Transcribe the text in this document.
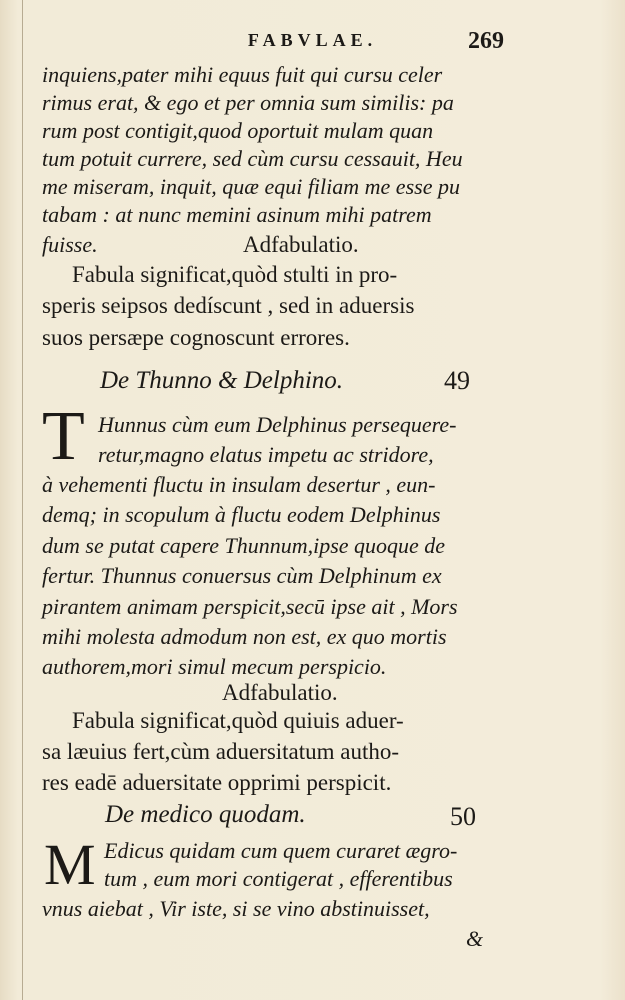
FABVLAE.	269
inquiens,pater mihi equus fuit qui cursu celer
rimus erat, & ego et per omnia sum similis: pa
rum post contigit,quod oportuit mulam quan
tum potuit currere, sed cùm cursu cessauit, Heu
me miseram, inquit, quæ equi filiam me esse pu
tabam : at nunc memini asinum mihi patrem
fuisse.	Adfabulatio.
Fabula significat,quòd stulti in pro-
speris seipsos dedíscunt , sed in aduersis
suos persæpe cognoscunt errores.
De Thunno & Delphino.	49
T Hunnus cùm eum Delphinus persequere-
retur,magno elatus impetu ac stridore,
à vehementi fluctu in insulam desertur , eun-
demq; in scopulum à fluctu eodem Delphinus
dum se putat capere Thunnum,ipse quoque de
fertur. Thunnus conuersus cùm Delphinum ex
pirantem animam perspicit,secū ipse ait , Mors
mihi molesta admodum non est, ex quo mortis
authorem,mori simul mecum perspicio.
Adfabulatio.
Fabula significat,quòd quiuis aduer-
sa læuius fert,cùm aduersitatum autho-
res eadē aduersitate opprimi perspicit.
De medico quodam.	50
M Edicus quidam cum quem curaret ægro-
tum , eum mori contigerat , efferentibus
vnus aiebat , Vir iste, si se vino abstinuisset,
&
